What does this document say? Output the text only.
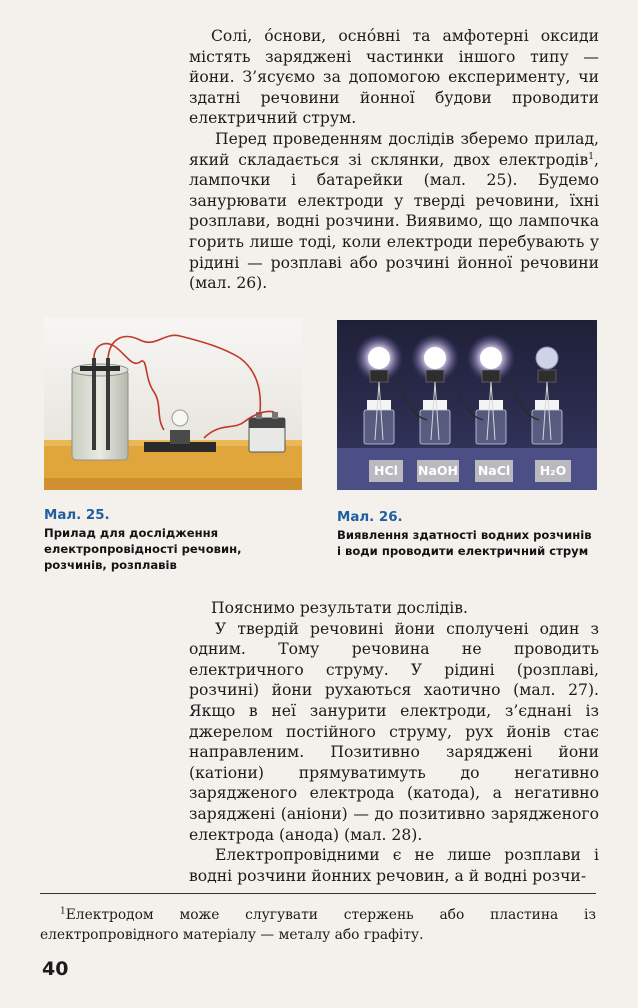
Солі, о́снови, осно́вні та амфотерні оксиди містять заряджені частинки іншого типу — йони. З’ясуємо за допомогою експерименту, чи здатні речовини йонної будови проводити електричний струм.

Перед проведенням дослідів зберемо прилад, який складається зі склянки, двох електродів$^1$, лампочки і батарейки (мал. 25). Будемо занурювати електроди у тверді речовини, їхні розплави, водні розчини. Виявимо, що лампочка горить лише тоді, коли електроди перебувають у рідині — розплаві або розчині йонної речовини (мал. 26).

HCl	NaOH NaCl	H₂O
Мал. 25.
Прилад для дослідження електропровідності речовин, розчинів, розплавів
Мал. 26.
Виявлення здатності водних розчинів і води проводити електричний струм

Пояснимо результати дослідів.

У твердій речовині йони сполучені один з одним. Тому речовина не проводить електричного струму. У рідині (розплаві, розчині) йони рухаються хаотично (мал. 27). Якщо в неї занурити електроди, з’єднані із джерелом постійного струму, рух йонів стає направленим. Позитивно заряджені йони (катіони) прямуватимуть до негативно зарядженого електрода (катода), а негативно заряджені (аніони) — до позитивно зарядженого електрода (анода) (мал. 28).

Електропровідними є не лише розплави і водні розчини йонних речовин, а й водні розчи-

$^1$Електродом може слугувати стержень або пластина із електропровідного матеріалу — металу або графіту.
40
